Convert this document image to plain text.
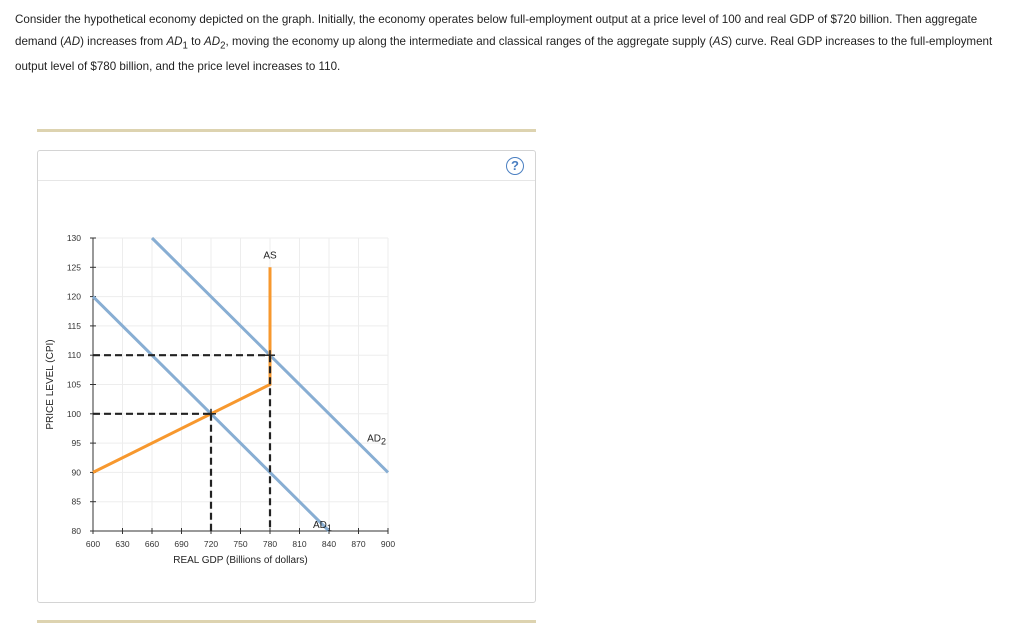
Consider the hypothetical economy depicted on the graph. Initially, the economy operates below full-employment output at a price level of 100 and real GDP of $720 billion. Then aggregate demand (AD) increases from $AD_1$ to $AD_2$, moving the economy up along the intermediate and classical ranges of the aggregate supply (AS) curve. Real GDP increases to the full-employment output level of $780 billion, and the price level increases to 110.

?
80
85
90
95
100
105
110
115
120
125
130
600 630 660 690 720 750 780 810 840 870 900
REAL GDP (Billions of dollars)
PRICE LEVEL (CPI)
AD1
AD2
AS
